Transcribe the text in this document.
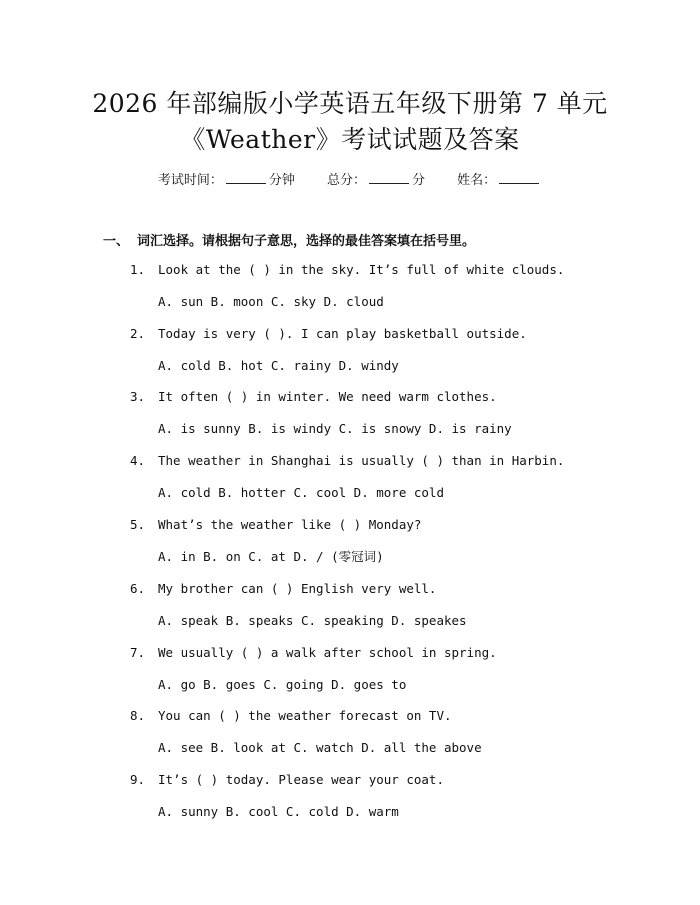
2026 年部编版小学英语五年级下册第 7 单元
《Weather》考试试题及答案
考试时间：	分钟 总分：	分 姓名：
一、 词汇选择。请根据句子意思，选择的最佳答案填在括号里。
1. Look at the ( ) in the sky. It’s full of white clouds.
A. sun B. moon C. sky D. cloud
2. Today is very ( ). I can play basketball outside.
A. cold B. hot C. rainy D. windy
3. It often ( ) in winter. We need warm clothes.
A. is sunny B. is windy C. is snowy D. is rainy
4. The weather in Shanghai is usually ( ) than in Harbin.
A. cold B. hotter C. cool D. more cold
5. What’s the weather like ( ) Monday?
A. in B. on C. at D. / (零冠词)
6. My brother can ( ) English very well.
A. speak B. speaks C. speaking D. speakes
7. We usually ( ) a walk after school in spring.
A. go B. goes C. going D. goes to
8. You can ( ) the weather forecast on TV.
A. see B. look at C. watch D. all the above
9. It’s ( ) today. Please wear your coat.
A. sunny B. cool C. cold D. warm
